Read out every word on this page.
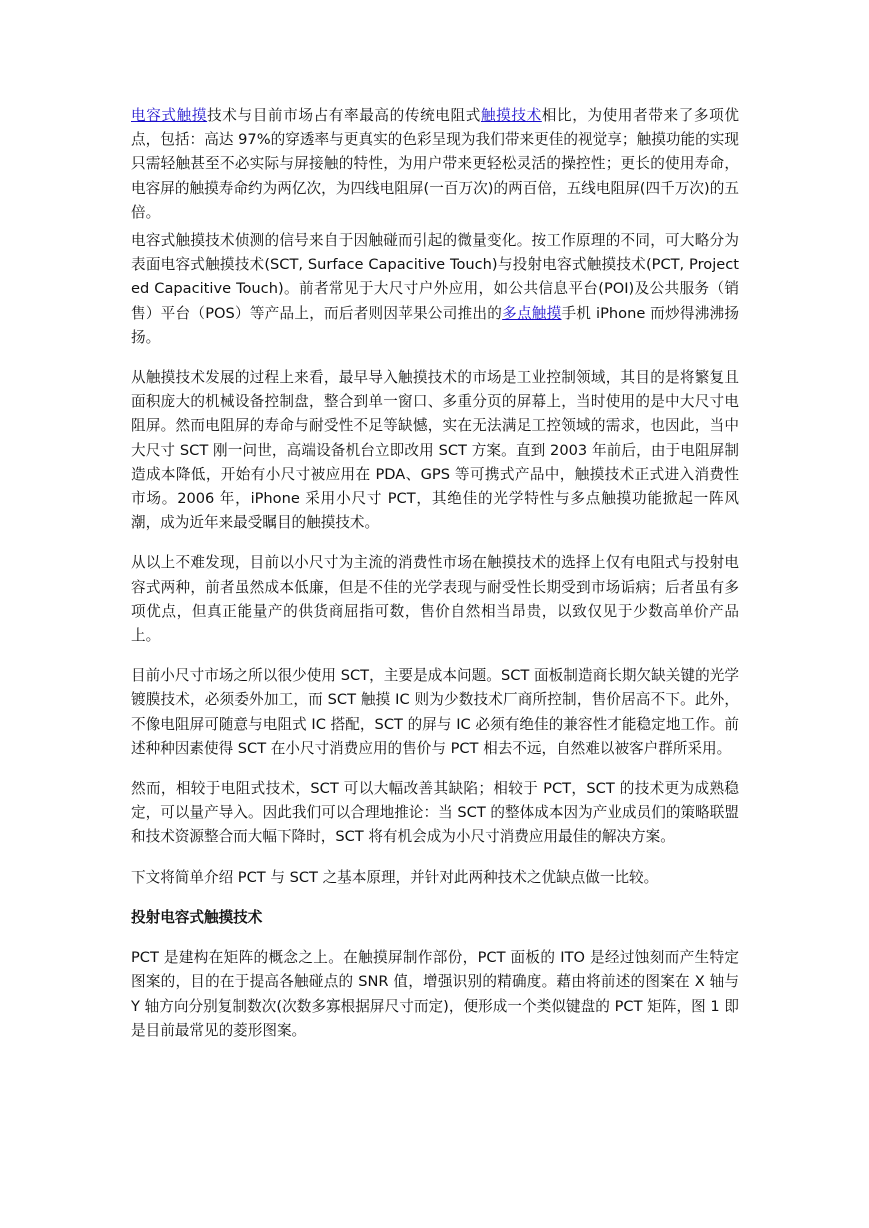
电容式触摸技术与目前市场占有率最高的传统电阻式触摸技术相比，为使用者带来了多项优点，包括：高达 97%的穿透率与更真实的色彩呈现为我们带来更佳的视觉享；触摸功能的实现只需轻触甚至不必实际与屏接触的特性，为用户带来更轻松灵活的操控性；更长的使用寿命，电容屏的触摸寿命约为两亿次，为四线电阻屏(一百万次)的两百倍，五线电阻屏(四千万次)的五倍。

电容式触摸技术侦测的信号来自于因触碰而引起的微量变化。按工作原理的不同，可大略分为表面电容式触摸技术(SCT, Surface Capacitive Touch)与投射电容式触摸技术(PCT, Projected Capacitive Touch)。前者常见于大尺寸户外应用，如公共信息平台(POI)及公共服务（销售）平台（POS）等产品上，而后者则因苹果公司推出的多点触摸手机 iPhone 而炒得沸沸扬扬。

从触摸技术发展的过程上来看，最早导入触摸技术的市场是工业控制领域，其目的是将繁复且面积庞大的机械设备控制盘，整合到单一窗口、多重分页的屏幕上，当时使用的是中大尺寸电阻屏。然而电阻屏的寿命与耐受性不足等缺憾，实在无法满足工控领域的需求，也因此，当中大尺寸 SCT 刚一问世，高端设备机台立即改用 SCT 方案。直到 2003 年前后，由于电阻屏制造成本降低，开始有小尺寸被应用在 PDA、GPS 等可携式产品中，触摸技术正式进入消费性市场。2006 年，iPhone 采用小尺寸 PCT，其绝佳的光学特性与多点触摸功能掀起一阵风潮，成为近年来最受瞩目的触摸技术。

从以上不难发现，目前以小尺寸为主流的消费性市场在触摸技术的选择上仅有电阻式与投射电容式两种，前者虽然成本低廉，但是不佳的光学表现与耐受性长期受到市场诟病；后者虽有多项优点，但真正能量产的供货商屈指可数，售价自然相当昂贵，以致仅见于少数高单价产品上。

目前小尺寸市场之所以很少使用 SCT，主要是成本问题。SCT 面板制造商长期欠缺关键的光学镀膜技术，必须委外加工，而 SCT 触摸 IC 则为少数技术厂商所控制，售价居高不下。此外，不像电阻屏可随意与电阻式 IC 搭配，SCT 的屏与 IC 必须有绝佳的兼容性才能稳定地工作。前述种种因素使得 SCT 在小尺寸消费应用的售价与 PCT 相去不远，自然难以被客户群所采用。

然而，相较于电阻式技术，SCT 可以大幅改善其缺陷；相较于 PCT，SCT 的技术更为成熟稳定，可以量产导入。因此我们可以合理地推论：当 SCT 的整体成本因为产业成员们的策略联盟和技术资源整合而大幅下降时，SCT 将有机会成为小尺寸消费应用最佳的解决方案。

下文将简单介绍 PCT 与 SCT 之基本原理，并针对此两种技术之优缺点做一比较。

投射电容式触摸技术

PCT 是建构在矩阵的概念之上。在触摸屏制作部份，PCT 面板的 ITO 是经过蚀刻而产生特定图案的，目的在于提高各触碰点的 SNR 值，增强识别的精确度。藉由将前述的图案在 X 轴与 Y 轴方向分别复制数次(次数多寡根据屏尺寸而定)，便形成一个类似键盘的 PCT 矩阵，图 1 即是目前最常见的菱形图案。
